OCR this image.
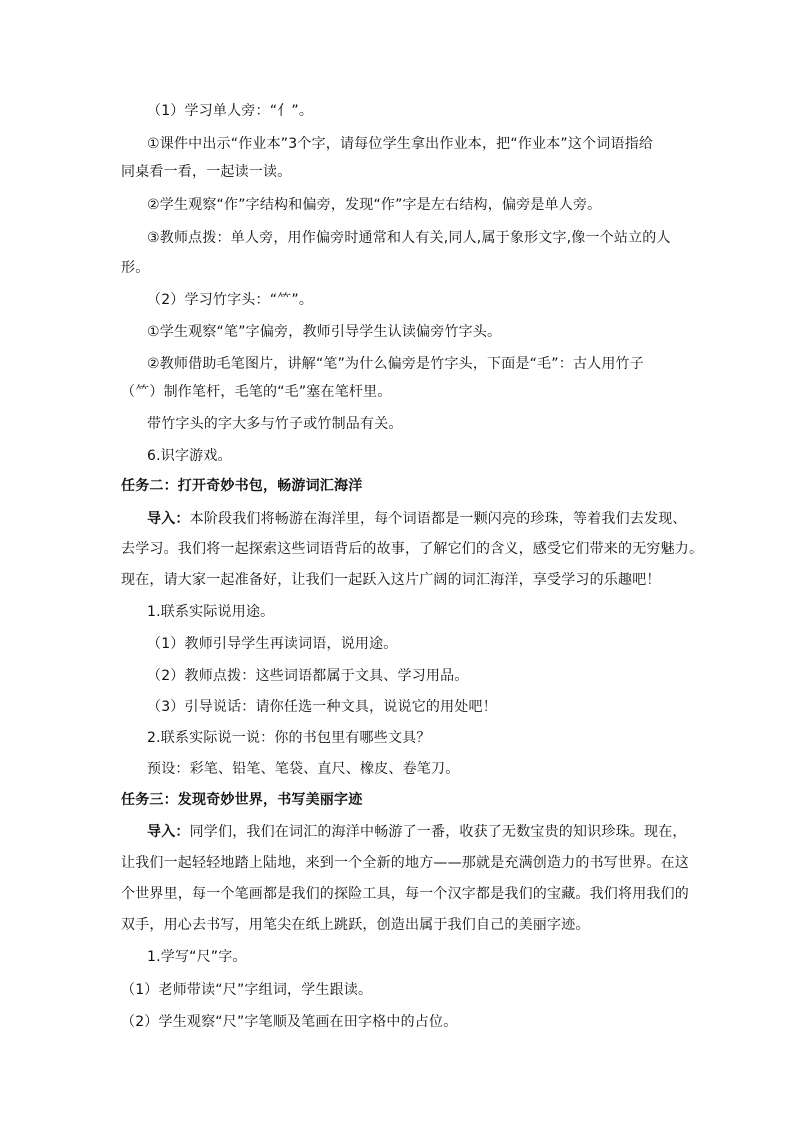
（1）学习单人旁：“亻”。
①课件中出示“作业本”3个字，请每位学生拿出作业本，把“作业本”这个词语指给
同桌看一看，一起读一读。
②学生观察“作”字结构和偏旁，发现“作”字是左右结构，偏旁是单人旁。
③教师点拨：单人旁，用作偏旁时通常和人有关,同人,属于象形文字,像一个站立的人
形。
（2）学习竹字头：“⺮”。
①学生观察“笔”字偏旁，教师引导学生认读偏旁竹字头。
②教师借助毛笔图片，讲解“笔”为什么偏旁是竹字头，下面是“毛”：古人用竹子
（⺮）制作笔杆，毛笔的“毛”塞在笔杆里。
带竹字头的字大多与竹子或竹制品有关。
6.识字游戏。
任务二：打开奇妙书包，畅游词汇海洋
导入：本阶段我们将畅游在海洋里，每个词语都是一颗闪亮的珍珠，等着我们去发现、
去学习。我们将一起探索这些词语背后的故事，了解它们的含义，感受它们带来的无穷魅力。
现在，请大家一起准备好，让我们一起跃入这片广阔的词汇海洋，享受学习的乐趣吧！
1.联系实际说用途。
（1）教师引导学生再读词语，说用途。
（2）教师点拨：这些词语都属于文具、学习用品。
（3）引导说话：请你任选一种文具，说说它的用处吧！
2.联系实际说一说：你的书包里有哪些文具？
预设：彩笔、铅笔、笔袋、直尺、橡皮、卷笔刀。
任务三：发现奇妙世界，书写美丽字迹
导入：同学们，我们在词汇的海洋中畅游了一番，收获了无数宝贵的知识珍珠。现在，
让我们一起轻轻地踏上陆地，来到一个全新的地方——那就是充满创造力的书写世界。在这
个世界里，每一个笔画都是我们的探险工具，每一个汉字都是我们的宝藏。我们将用我们的
双手，用心去书写，用笔尖在纸上跳跃，创造出属于我们自己的美丽字迹。
1.学写“尺”字。
（1）老师带读“尺”字组词，学生跟读。
（2）学生观察“尺”字笔顺及笔画在田字格中的占位。
